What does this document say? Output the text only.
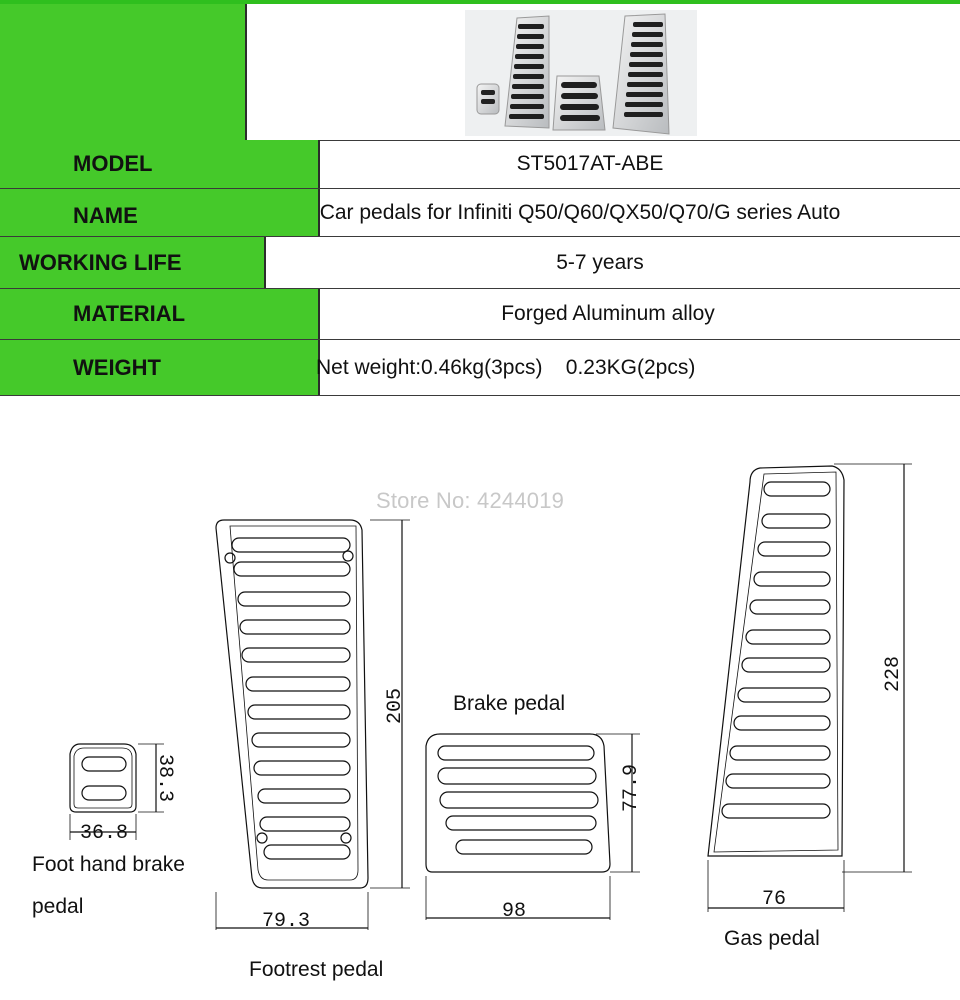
MODEL	ST5017AT-ABE
NAME	Car pedals for Infiniti Q50/Q60/QX50/Q70/G series Auto
WORKING LIFE	5-7 years
MATERIAL	Forged Aluminum alloy
WEIGHT	Net weight:0.46kg(3pcs)    0.23KG(2pcs)
Store No: 4244019
36.8
38.3
79.3
205
98
77.9
76
228
Brake pedal
Foot hand brake
pedal
Gas pedal
Footrest pedal
